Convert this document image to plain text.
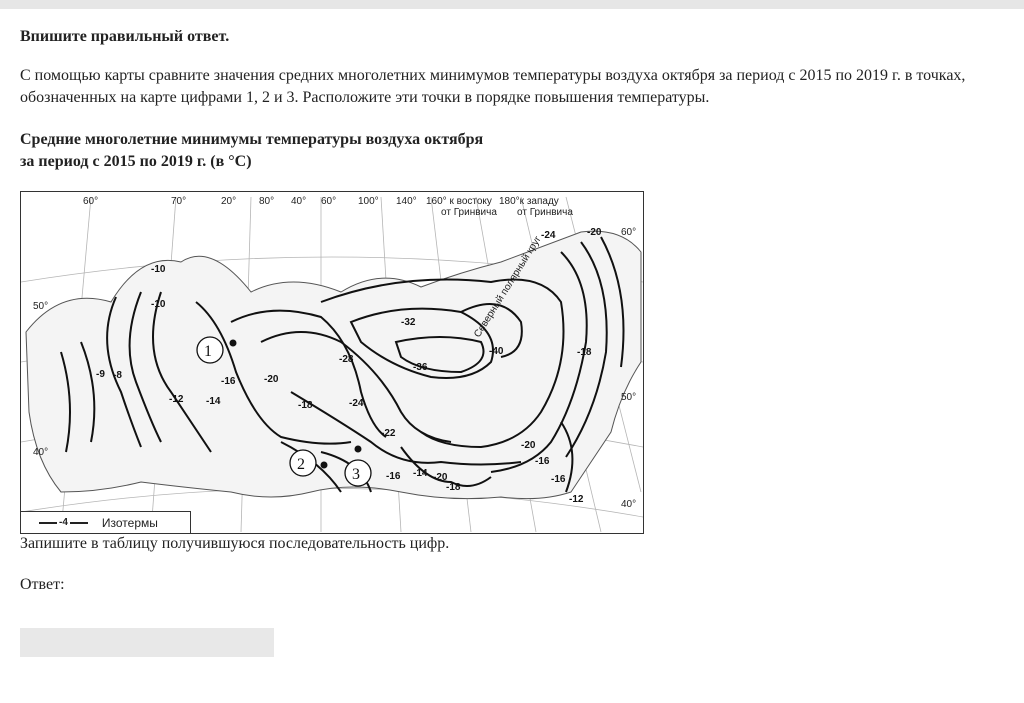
Впишите правильный ответ.
С помощью карты сравните значения средних многолетних минимумов температуры воздуха октября за период с 2015 по 2019 г. в точках, обозначенных на карте цифрами 1, 2 и 3. Расположите эти точки в порядке повышения температуры.
Средние многолетние минимумы температуры воздуха октября
за период с 2015 по 2019 г. (в °С)
60°	70°	20° 80° 40° 60° 100° 140° 160° к востоку
от Гринвича
180°к западу
от Гринвича
50°
40°
60°
50°
40°
Северный полярный круг
-10
-10
-9 -8
-12 -14
-16	-20
-18
-28
-24
-22
-32
-36
-40
-24	-20
-18
-20
-16
-16 -14 -20
-18
-16
-12
1
2
3
-4	Изотермы
Запишите в таблицу получившуюся последовательность цифр.
Ответ:
